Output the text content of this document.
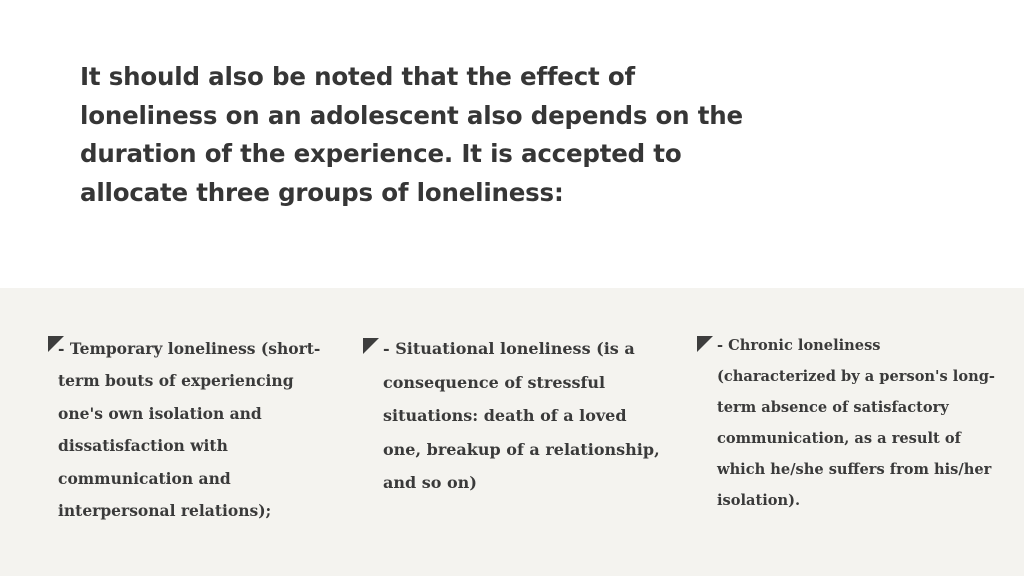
It should also be noted that the effect of loneliness on an adolescent also depends on the duration of the experience. It is accepted to allocate three groups of loneliness:

- Temporary loneliness (short-term bouts of experiencing one's own isolation and dissatisfaction with communication and interpersonal relations);

- Situational loneliness (is a consequence of stressful situations: death of a loved one, breakup of a relationship, and so on)

- Chronic loneliness (characterized by a person's long-term absence of satisfactory communication, as a result of which he/she suffers from his/her isolation).
